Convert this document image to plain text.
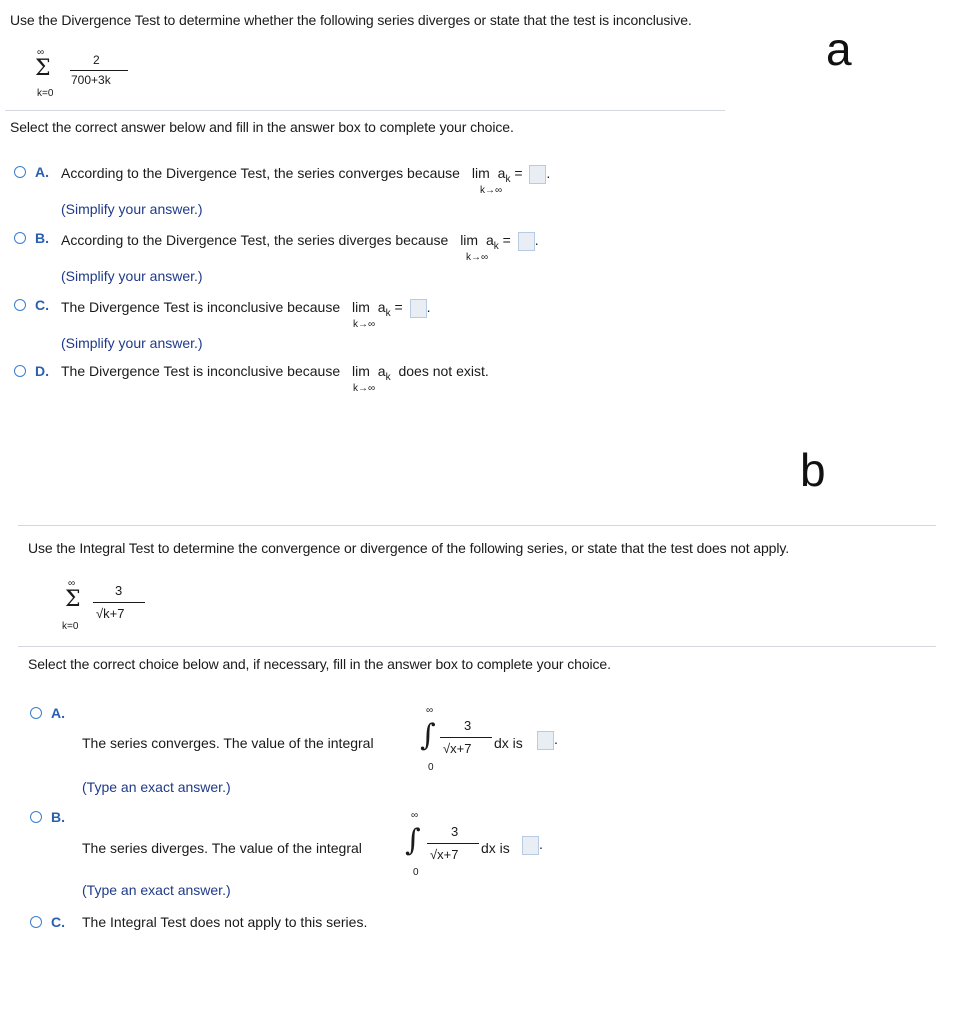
a
b
Use the Divergence Test to determine whether the following series diverges or state that the test is inconclusive.
∞
Σ
k=0
2
700+3k
Select the correct answer below and fill in the answer box to complete your choice.
A. According to the Divergence Test, the series converges because $\lim a_k$ = .
k→∞
(Simplify your answer.)
B. According to the Divergence Test, the series diverges because $\lim a_k$ = .
k→∞
(Simplify your answer.)
C. The Divergence Test is inconclusive because $\lim a_k$ = .
k→∞
(Simplify your answer.)
D. The Divergence Test is inconclusive because $\lim a_k$ does not exist.
k→∞
Use the Integral Test to determine the convergence or divergence of the following series, or state that the test does not apply.
∞
Σ
k=0
3
√k+7
Select the correct choice below and, if necessary, fill in the answer box to complete your choice.
A.
The series converges. The value of the integral
∞
∫
0
3
√x+7 dx is	.
(Type an exact answer.)
B.
The series diverges. The value of the integral
∞
∫
0
3
√x+7 dx is	.
(Type an exact answer.)
C. The Integral Test does not apply to this series.
